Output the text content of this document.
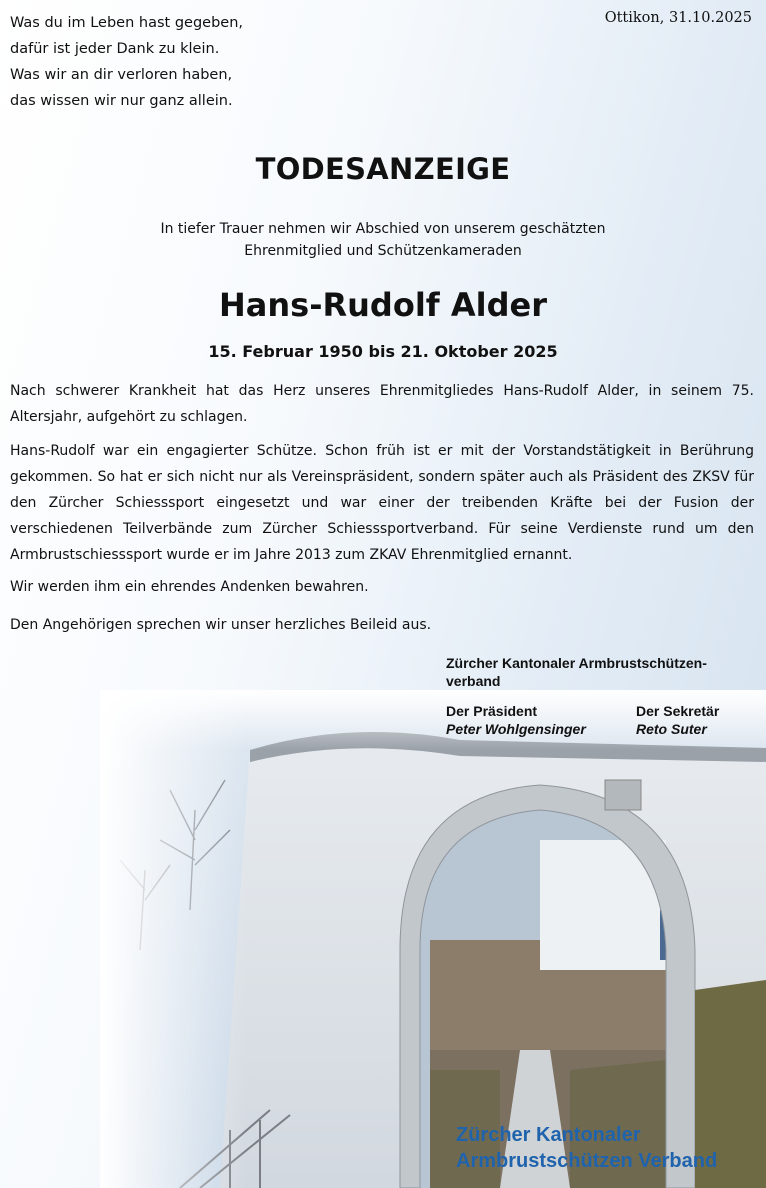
Was du im Leben hast gegeben,
dafür ist jeder Dank zu klein.
Was wir an dir verloren haben,
das wissen wir nur ganz allein.
Ottikon, 31.10.2025
TODESANZEIGE
In tiefer Trauer nehmen wir Abschied von unserem geschätzten
Ehrenmitglied und Schützenkameraden
Hans-Rudolf Alder
15. Februar 1950 bis 21. Oktober 2025
Nach schwerer Krankheit hat das Herz unseres Ehrenmitgliedes Hans-Rudolf Alder, in seinem 75. Altersjahr, aufgehört zu schlagen.
Hans-Rudolf war ein engagierter Schütze. Schon früh ist er mit der Vorstandstätigkeit in Berührung gekommen. So hat er sich nicht nur als Vereinspräsident, sondern später auch als Präsident des ZKSV für den Zürcher Schiesssport eingesetzt und war einer der treibenden Kräfte bei der Fusion der verschiedenen Teilverbände zum Zürcher Schiesssportverband. Für seine Verdienste rund um den Armbrustschiesssport wurde er im Jahre 2013 zum ZKAV Ehrenmitglied ernannt.
Wir werden ihm ein ehrendes Andenken bewahren.
Den Angehörigen sprechen wir unser herzliches Beileid aus.
Zürcher Kantonaler Armbrustschützen-
verband
Der Präsident
Peter Wohlgensinger
Der Sekretär
Reto Suter
Zürcher Kantonaler
Armbrustschützen Verband
